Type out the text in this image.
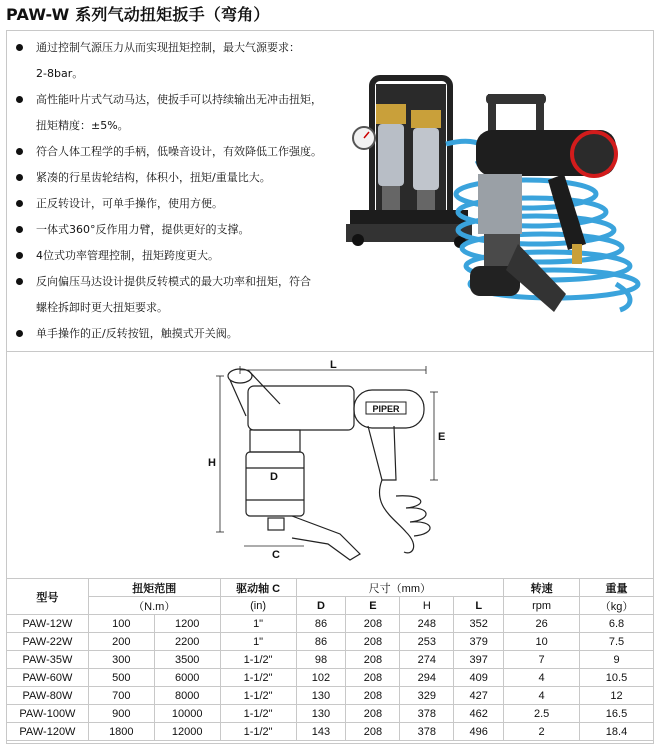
PAW-W 系列气动扭矩扳手（弯角）
通过控制气源压力从而实现扭矩控制，最大气源要求：
2-8bar。
高性能叶片式气动马达，使扳手可以持续输出无冲击扭矩，
扭矩精度：±5%。
符合人体工程学的手柄，低噪音设计，有效降低工作强度。
紧凑的行星齿轮结构，体积小，扭矩/重量比大。
正反转设计，可单手操作，使用方便。
一体式360°反作用力臂，提供更好的支撑。
4位式功率管理控制，扭矩跨度更大。
反向偏压马达设计提供反转模式的最大功率和扭矩，符合
螺栓拆卸时更大扭矩要求。
单手操作的正/反转按钮，触摸式开关阀。
PIPER
L
E
H
D
C
型号	扭矩范围		驱动轴 C	尺寸（mm）				转速	重量
	（N.m）		(in)	D	E	H	L	rpm	（kg）
PAW-12W	100	1200	1"	86	208	248	352	26	6.8
PAW-22W	200	2200	1"	86	208	253	379	10	7.5
PAW-35W	300	3500	1-1/2"	98	208	274	397	7	9
PAW-60W	500	6000	1-1/2"	102	208	294	409	4	10.5
PAW-80W	700	8000	1-1/2"	130	208	329	427	4	12
PAW-100W	900	10000	1-1/2"	130	208	378	462	2.5	16.5
PAW-120W	1800	12000	1-1/2"	143	208	378	496	2	18.4
